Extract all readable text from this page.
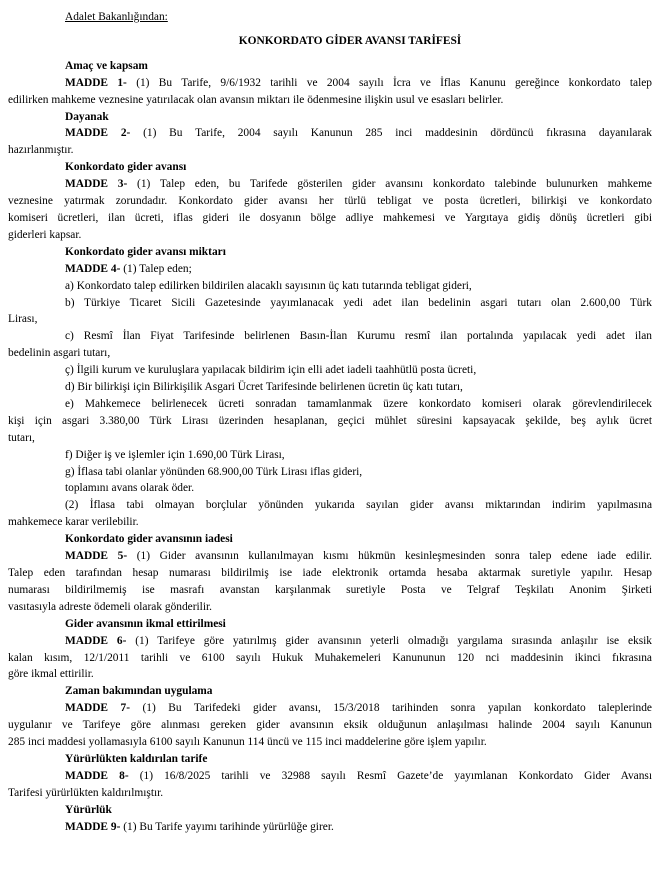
Adalet Bakanlığından:

KONKORDATO GİDER AVANSI TARİFESİ

Amaç ve kapsam

MADDE 1- (1) Bu Tarife, 9/6/1932 tarihli ve 2004 sayılı İcra ve İflas Kanunu gereğince konkordato talep

edilirken mahkeme veznesine yatırılacak olan avansın miktarı ile ödenmesine ilişkin usul ve esasları belirler.

Dayanak

MADDE 2- (1) Bu Tarife, 2004 sayılı Kanunun 285 inci maddesinin dördüncü fıkrasına dayanılarak

hazırlanmıştır.

Konkordato gider avansı

MADDE 3- (1) Talep eden, bu Tarifede gösterilen gider avansını konkordato talebinde bulunurken mahkeme

veznesine yatırmak zorundadır. Konkordato gider avansı her türlü tebligat ve posta ücretleri, bilirkişi ve konkordato

komiseri ücretleri, ilan ücreti, iflas gideri ile dosyanın bölge adliye mahkemesi ve Yargıtaya gidiş dönüş ücretleri gibi

giderleri kapsar.

Konkordato gider avansı miktarı

MADDE 4- (1) Talep eden;

a) Konkordato talep edilirken bildirilen alacaklı sayısının üç katı tutarında tebligat gideri,

b) Türkiye Ticaret Sicili Gazetesinde yayımlanacak yedi adet ilan bedelinin asgari tutarı olan 2.600,00 Türk

Lirası,

c) Resmî İlan Fiyat Tarifesinde belirlenen Basın-İlan Kurumu resmî ilan portalında yapılacak yedi adet ilan

bedelinin asgari tutarı,

ç) İlgili kurum ve kuruluşlara yapılacak bildirim için elli adet iadeli taahhütlü posta ücreti,

d) Bir bilirkişi için Bilirkişilik Asgari Ücret Tarifesinde belirlenen ücretin üç katı tutarı,

e) Mahkemece belirlenecek ücreti sonradan tamamlanmak üzere konkordato komiseri olarak görevlendirilecek

kişi için asgari 3.380,00 Türk Lirası üzerinden hesaplanan, geçici mühlet süresini kapsayacak şekilde, beş aylık ücret

tutarı,

f) Diğer iş ve işlemler için 1.690,00 Türk Lirası,

g) İflasa tabi olanlar yönünden 68.900,00 Türk Lirası iflas gideri,

toplamını avans olarak öder.

(2) İflasa tabi olmayan borçlular yönünden yukarıda sayılan gider avansı miktarından indirim yapılmasına

mahkemece karar verilebilir.

Konkordato gider avansının iadesi

MADDE 5- (1) Gider avansının kullanılmayan kısmı hükmün kesinleşmesinden sonra talep edene iade edilir.

Talep eden tarafından hesap numarası bildirilmiş ise iade elektronik ortamda hesaba aktarmak suretiyle yapılır. Hesap

numarası bildirilmemiş ise masrafı avanstan karşılanmak suretiyle Posta ve Telgraf Teşkilatı Anonim Şirketi

vasıtasıyla adreste ödemeli olarak gönderilir.

Gider avansının ikmal ettirilmesi

MADDE 6- (1) Tarifeye göre yatırılmış gider avansının yeterli olmadığı yargılama sırasında anlaşılır ise eksik

kalan kısım, 12/1/2011 tarihli ve 6100 sayılı Hukuk Muhakemeleri Kanununun 120 nci maddesinin ikinci fıkrasına

göre ikmal ettirilir.

Zaman bakımından uygulama

MADDE 7- (1) Bu Tarifedeki gider avansı, 15/3/2018 tarihinden sonra yapılan konkordato taleplerinde

uygulanır ve Tarifeye göre alınması gereken gider avansının eksik olduğunun anlaşılması halinde 2004 sayılı Kanunun

285 inci maddesi yollamasıyla 6100 sayılı Kanunun 114 üncü ve 115 inci maddelerine göre işlem yapılır.

Yürürlükten kaldırılan tarife

MADDE 8- (1) 16/8/2025 tarihli ve 32988 sayılı Resmî Gazete’de yayımlanan Konkordato Gider Avansı

Tarifesi yürürlükten kaldırılmıştır.

Yürürlük

MADDE 9- (1) Bu Tarife yayımı tarihinde yürürlüğe girer.
